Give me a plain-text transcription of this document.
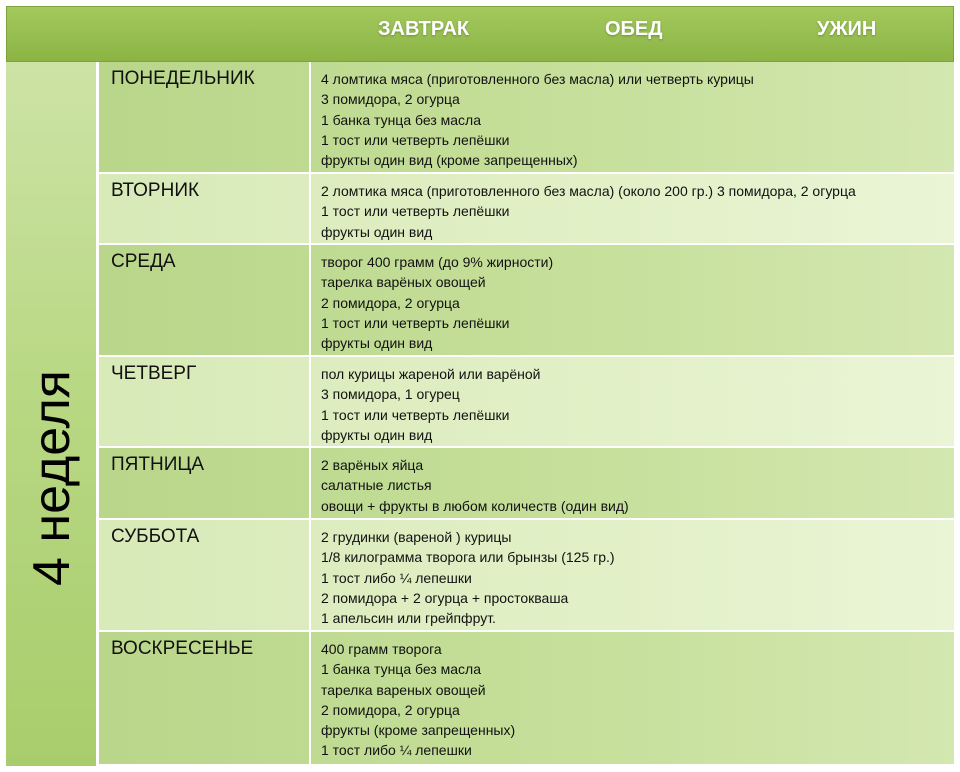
ЗАВТРАК	ОБЕД	УЖИН
4 неделя
ПОНЕДЕЛЬНИК	4 ломтика мяса (приготовленного без масла) или четверть курицы
3 помидора, 2 огурца
1 банка тунца без масла
1 тост или четверть лепёшки
фрукты один вид (кроме запрещенных)
ВТОРНИК	2 ломтика мяса (приготовленного без масла) (около 200 гр.) 3 помидора, 2 огурца
1 тост или четверть лепёшки
фрукты один вид
СРЕДА	творог 400 грамм (до 9% жирности)
тарелка варёных овощей
2 помидора, 2 огурца
1 тост или четверть лепёшки
фрукты один вид
ЧЕТВЕРГ	пол курицы жареной или варёной
3 помидора, 1 огурец
1 тост или четверть лепёшки
фрукты один вид
ПЯТНИЦА	2 варёных яйца
салатные листья
овощи + фрукты в любом количеств (один вид)
СУББОТА	2 грудинки (вареной ) курицы
1/8 килограмма творога или брынзы (125 гр.)
1 тост либо ¼ лепешки
2 помидора + 2 огурца + простокваша
1 апельсин или грейпфрут.
ВОСКРЕСЕНЬЕ	400 грамм творога
1 банка тунца без масла
тарелка вареных овощей
2 помидора, 2 огурца
фрукты (кроме запрещенных)
1 тост либо ¼ лепешки
